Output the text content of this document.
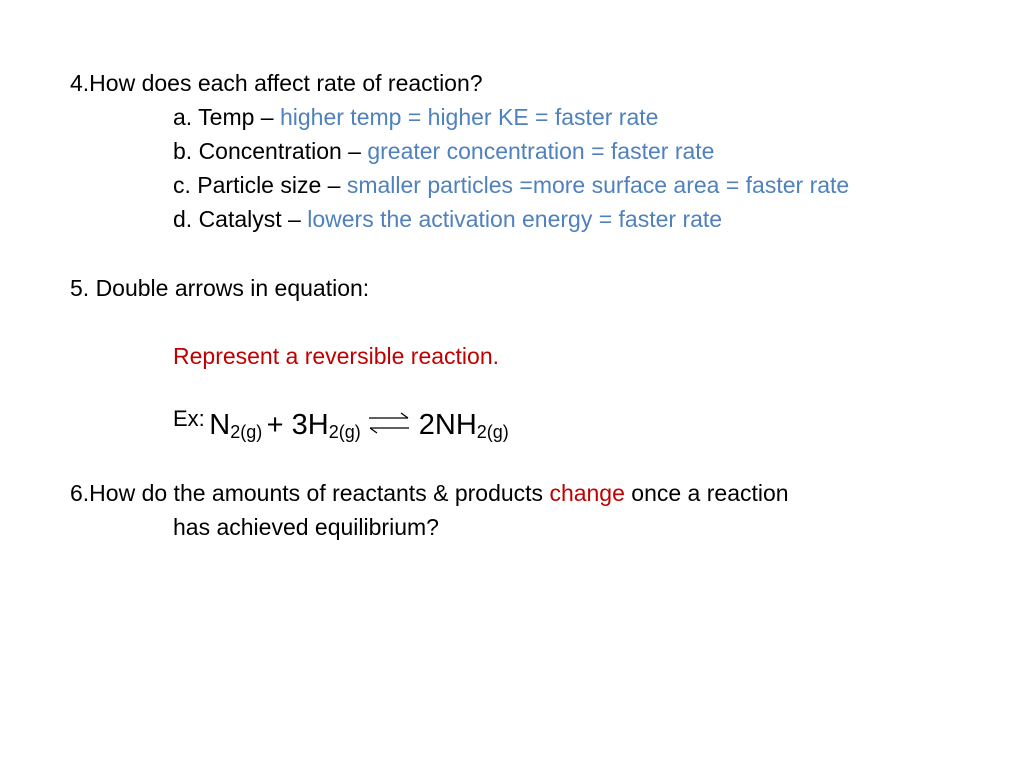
4.How does each affect rate of reaction?
a. Temp – higher temp = higher KE = faster rate
b. Concentration – greater concentration = faster rate
c. Particle size – smaller particles =more surface area = faster rate
d. Catalyst – lowers the activation energy = faster rate
5. Double arrows in equation:
Represent a reversible reaction.
Ex: $N_{2(g)} + 3H_{2(g)}$ ⇌ $2NH_{2(g)}$
6.How do the amounts of reactants & products change once a reaction
has achieved equilibrium?
